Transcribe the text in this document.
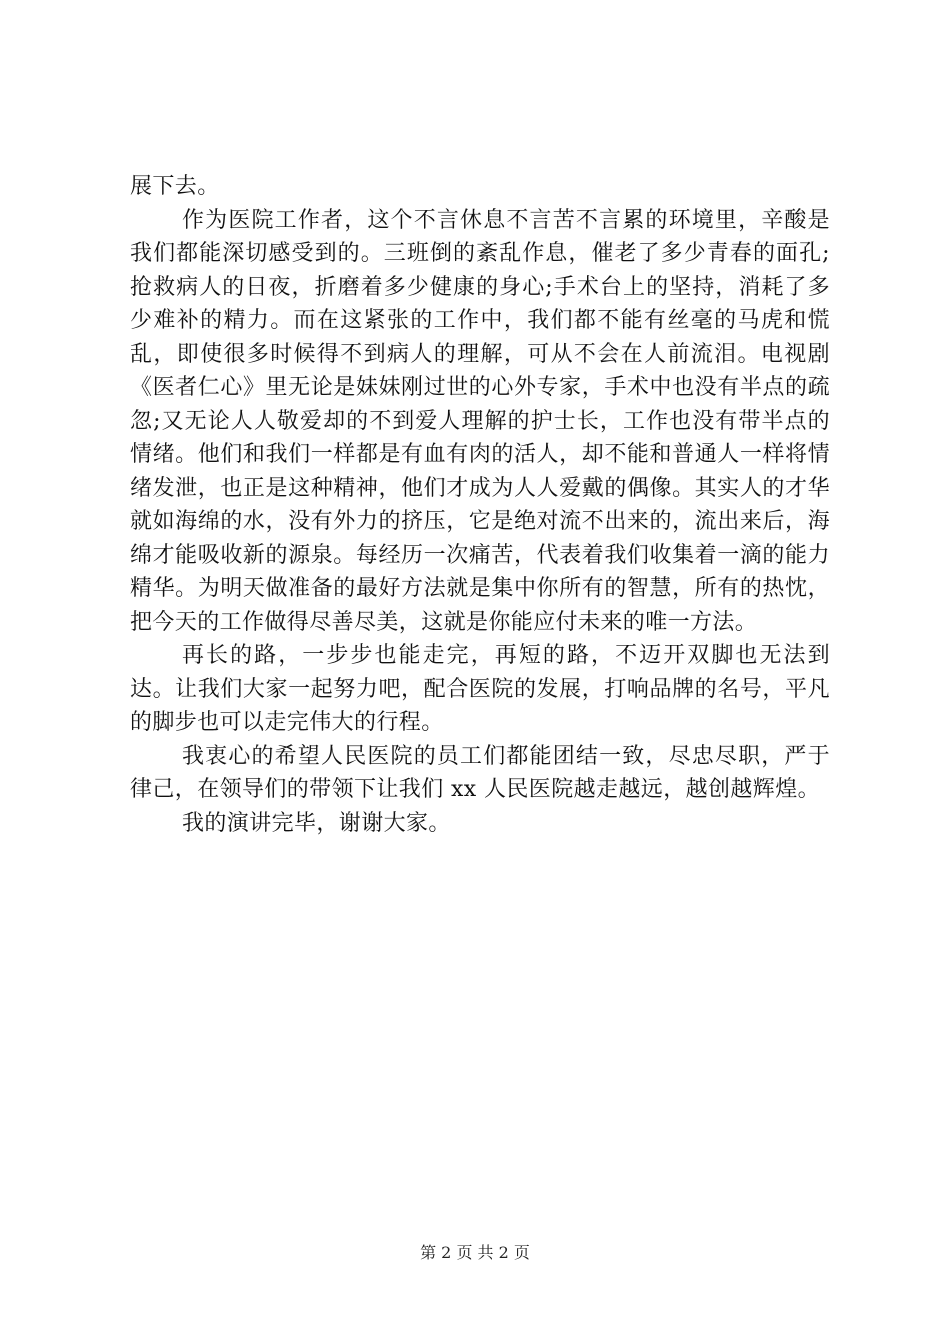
展下去。

作为医院工作者，这个不言休息不言苦不言累的环境里，辛酸是我们都能深切感受到的。三班倒的紊乱作息，催老了多少青春的面孔;抢救病人的日夜，折磨着多少健康的身心;手术台上的坚持，消耗了多少难补的精力。而在这紧张的工作中，我们都不能有丝毫的马虎和慌乱，即使很多时候得不到病人的理解，可从不会在人前流泪。电视剧《医者仁心》里无论是妹妹刚过世的心外专家，手术中也没有半点的疏忽;又无论人人敬爱却的不到爱人理解的护士长，工作也没有带半点的情绪。他们和我们一样都是有血有肉的活人，却不能和普通人一样将情绪发泄，也正是这种精神，他们才成为人人爱戴的偶像。其实人的才华就如海绵的水，没有外力的挤压，它是绝对流不出来的，流出来后，海绵才能吸收新的源泉。每经历一次痛苦，代表着我们收集着一滴的能力精华。为明天做准备的最好方法就是集中你所有的智慧，所有的热忱，把今天的工作做得尽善尽美，这就是你能应付未来的唯一方法。

再长的路，一步步也能走完，再短的路，不迈开双脚也无法到达。让我们大家一起努力吧，配合医院的发展，打响品牌的名号，平凡的脚步也可以走完伟大的行程。

我衷心的希望人民医院的员工们都能团结一致，尽忠尽职，严于律己，在领导们的带领下让我们 xx 人民医院越走越远，越创越辉煌。

我的演讲完毕，谢谢大家。

第 2 页 共 2 页
